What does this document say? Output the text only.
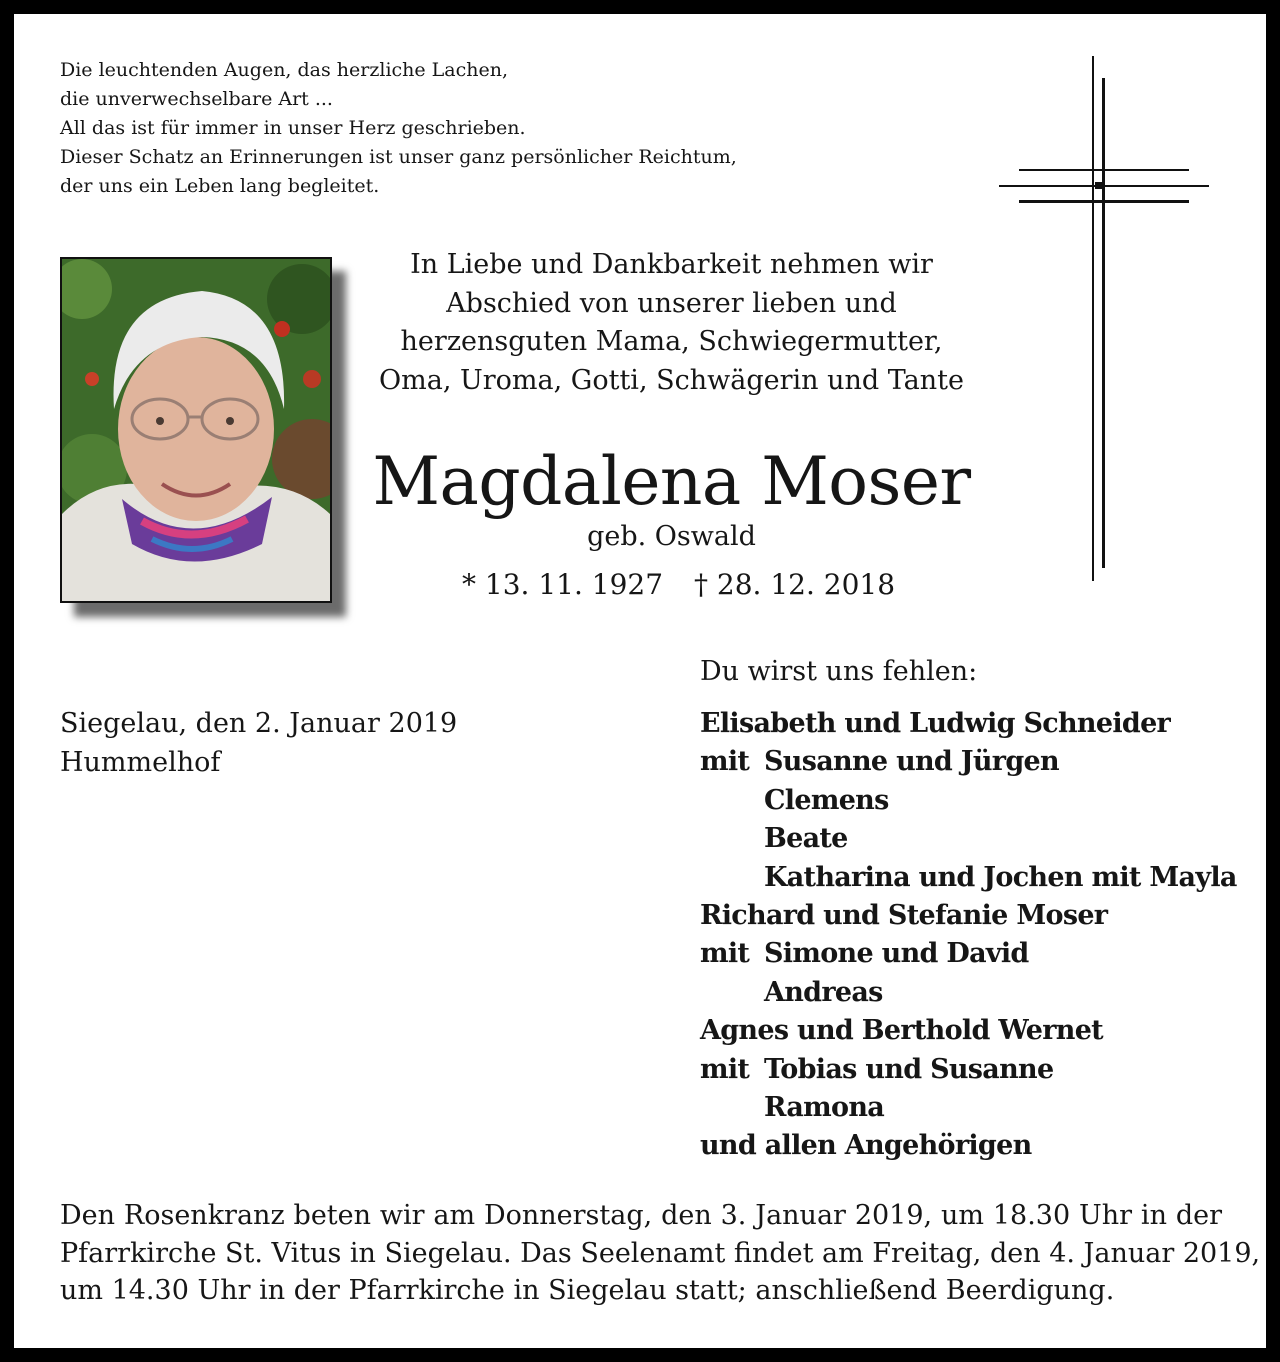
Die leuchtenden Augen, das herzliche Lachen,
die unverwechselbare Art ...
All das ist für immer in unser Herz geschrieben.
Dieser Schatz an Erinnerungen ist unser ganz persönlicher Reichtum,
der uns ein Leben lang begleitet.
In Liebe und Dankbarkeit nehmen wir
Abschied von unserer lieben und
herzensguten Mama, Schwiegermutter,
Oma, Uroma, Gotti, Schwägerin und Tante
Magdalena Moser
geb. Oswald
* 13. 11. 1927 † 28. 12. 2018
Du wirst uns fehlen:
Siegelau, den 2. Januar 2019
Hummelhof
Elisabeth und Ludwig Schneider
mit Susanne und Jürgen
Clemens
Beate
Katharina und Jochen mit Mayla
Richard und Stefanie Moser
mit Simone und David
Andreas
Agnes und Berthold Wernet
mit Tobias und Susanne
Ramona
und allen Angehörigen
Den Rosenkranz beten wir am Donnerstag, den 3. Januar 2019, um 18.30 Uhr in der
Pfarrkirche St. Vitus in Siegelau. Das Seelenamt findet am Freitag, den 4. Januar 2019,
um 14.30 Uhr in der Pfarrkirche in Siegelau statt; anschließend Beerdigung.
